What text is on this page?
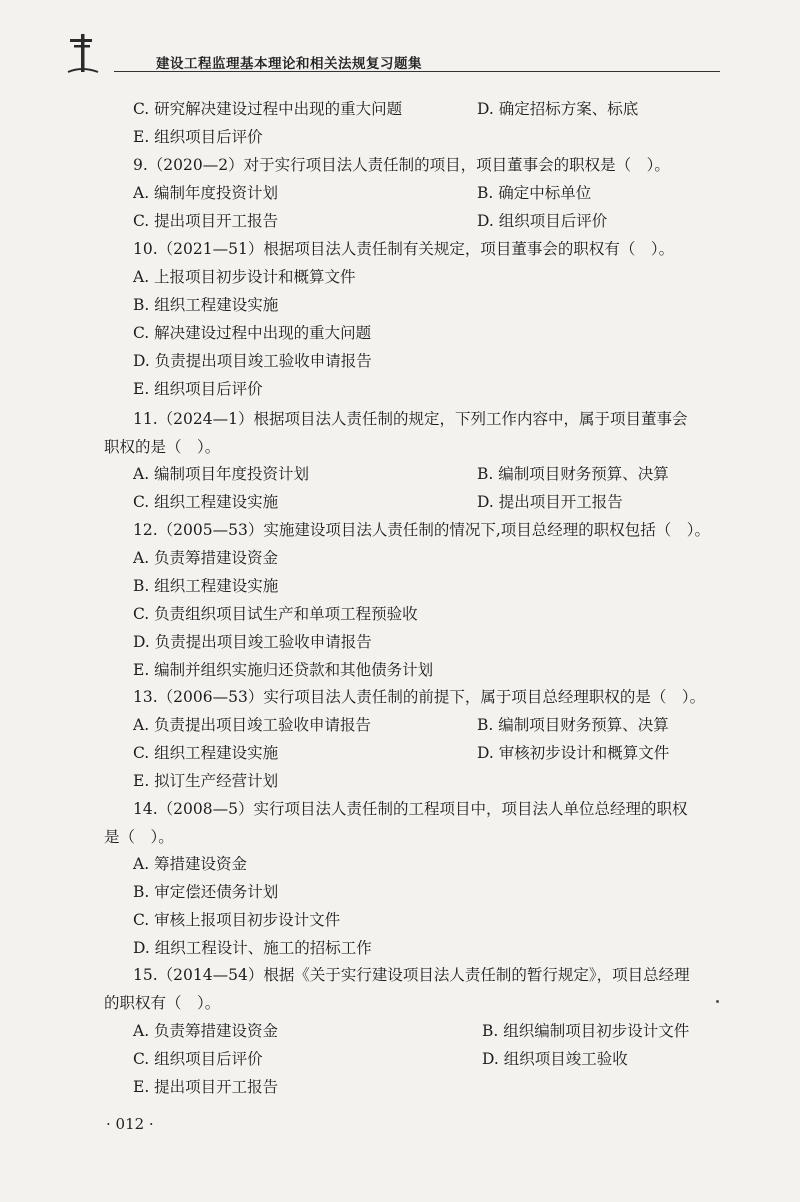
建设工程监理基本理论和相关法规复习题集
C. 研究解决建设过程中出现的重大问题	D. 确定招标方案、标底
E. 组织项目后评价
9.（2020—2）对于实行项目法人责任制的项目，项目董事会的职权是（　）。
A. 编制年度投资计划	B. 确定中标单位
C. 提出项目开工报告	D. 组织项目后评价
10.（2021—51）根据项目法人责任制有关规定，项目董事会的职权有（　）。
A. 上报项目初步设计和概算文件
B. 组织工程建设实施
C. 解决建设过程中出现的重大问题
D. 负责提出项目竣工验收申请报告
E. 组织项目后评价
11.（2024—1）根据项目法人责任制的规定，下列工作内容中，属于项目董事会
职权的是（　）。
A. 编制项目年度投资计划	B. 编制项目财务预算、决算
C. 组织工程建设实施	D. 提出项目开工报告
12.（2005—53）实施建设项目法人责任制的情况下,项目总经理的职权包括（　）。
A. 负责筹措建设资金
B. 组织工程建设实施
C. 负责组织项目试生产和单项工程预验收
D. 负责提出项目竣工验收申请报告
E. 编制并组织实施归还贷款和其他债务计划
13.（2006—53）实行项目法人责任制的前提下，属于项目总经理职权的是（　）。
A. 负责提出项目竣工验收申请报告	B. 编制项目财务预算、决算
C. 组织工程建设实施	D. 审核初步设计和概算文件
E. 拟订生产经营计划
14.（2008—5）实行项目法人责任制的工程项目中，项目法人单位总经理的职权
是（　）。
A. 筹措建设资金
B. 审定偿还债务计划
C. 审核上报项目初步设计文件
D. 组织工程设计、施工的招标工作
15.（2014—54）根据《关于实行建设项目法人责任制的暂行规定》，项目总经理
的职权有（　）。
A. 负责筹措建设资金	B. 组织编制项目初步设计文件
C. 组织项目后评价	D. 组织项目竣工验收
E. 提出项目开工报告
· 012 ·
